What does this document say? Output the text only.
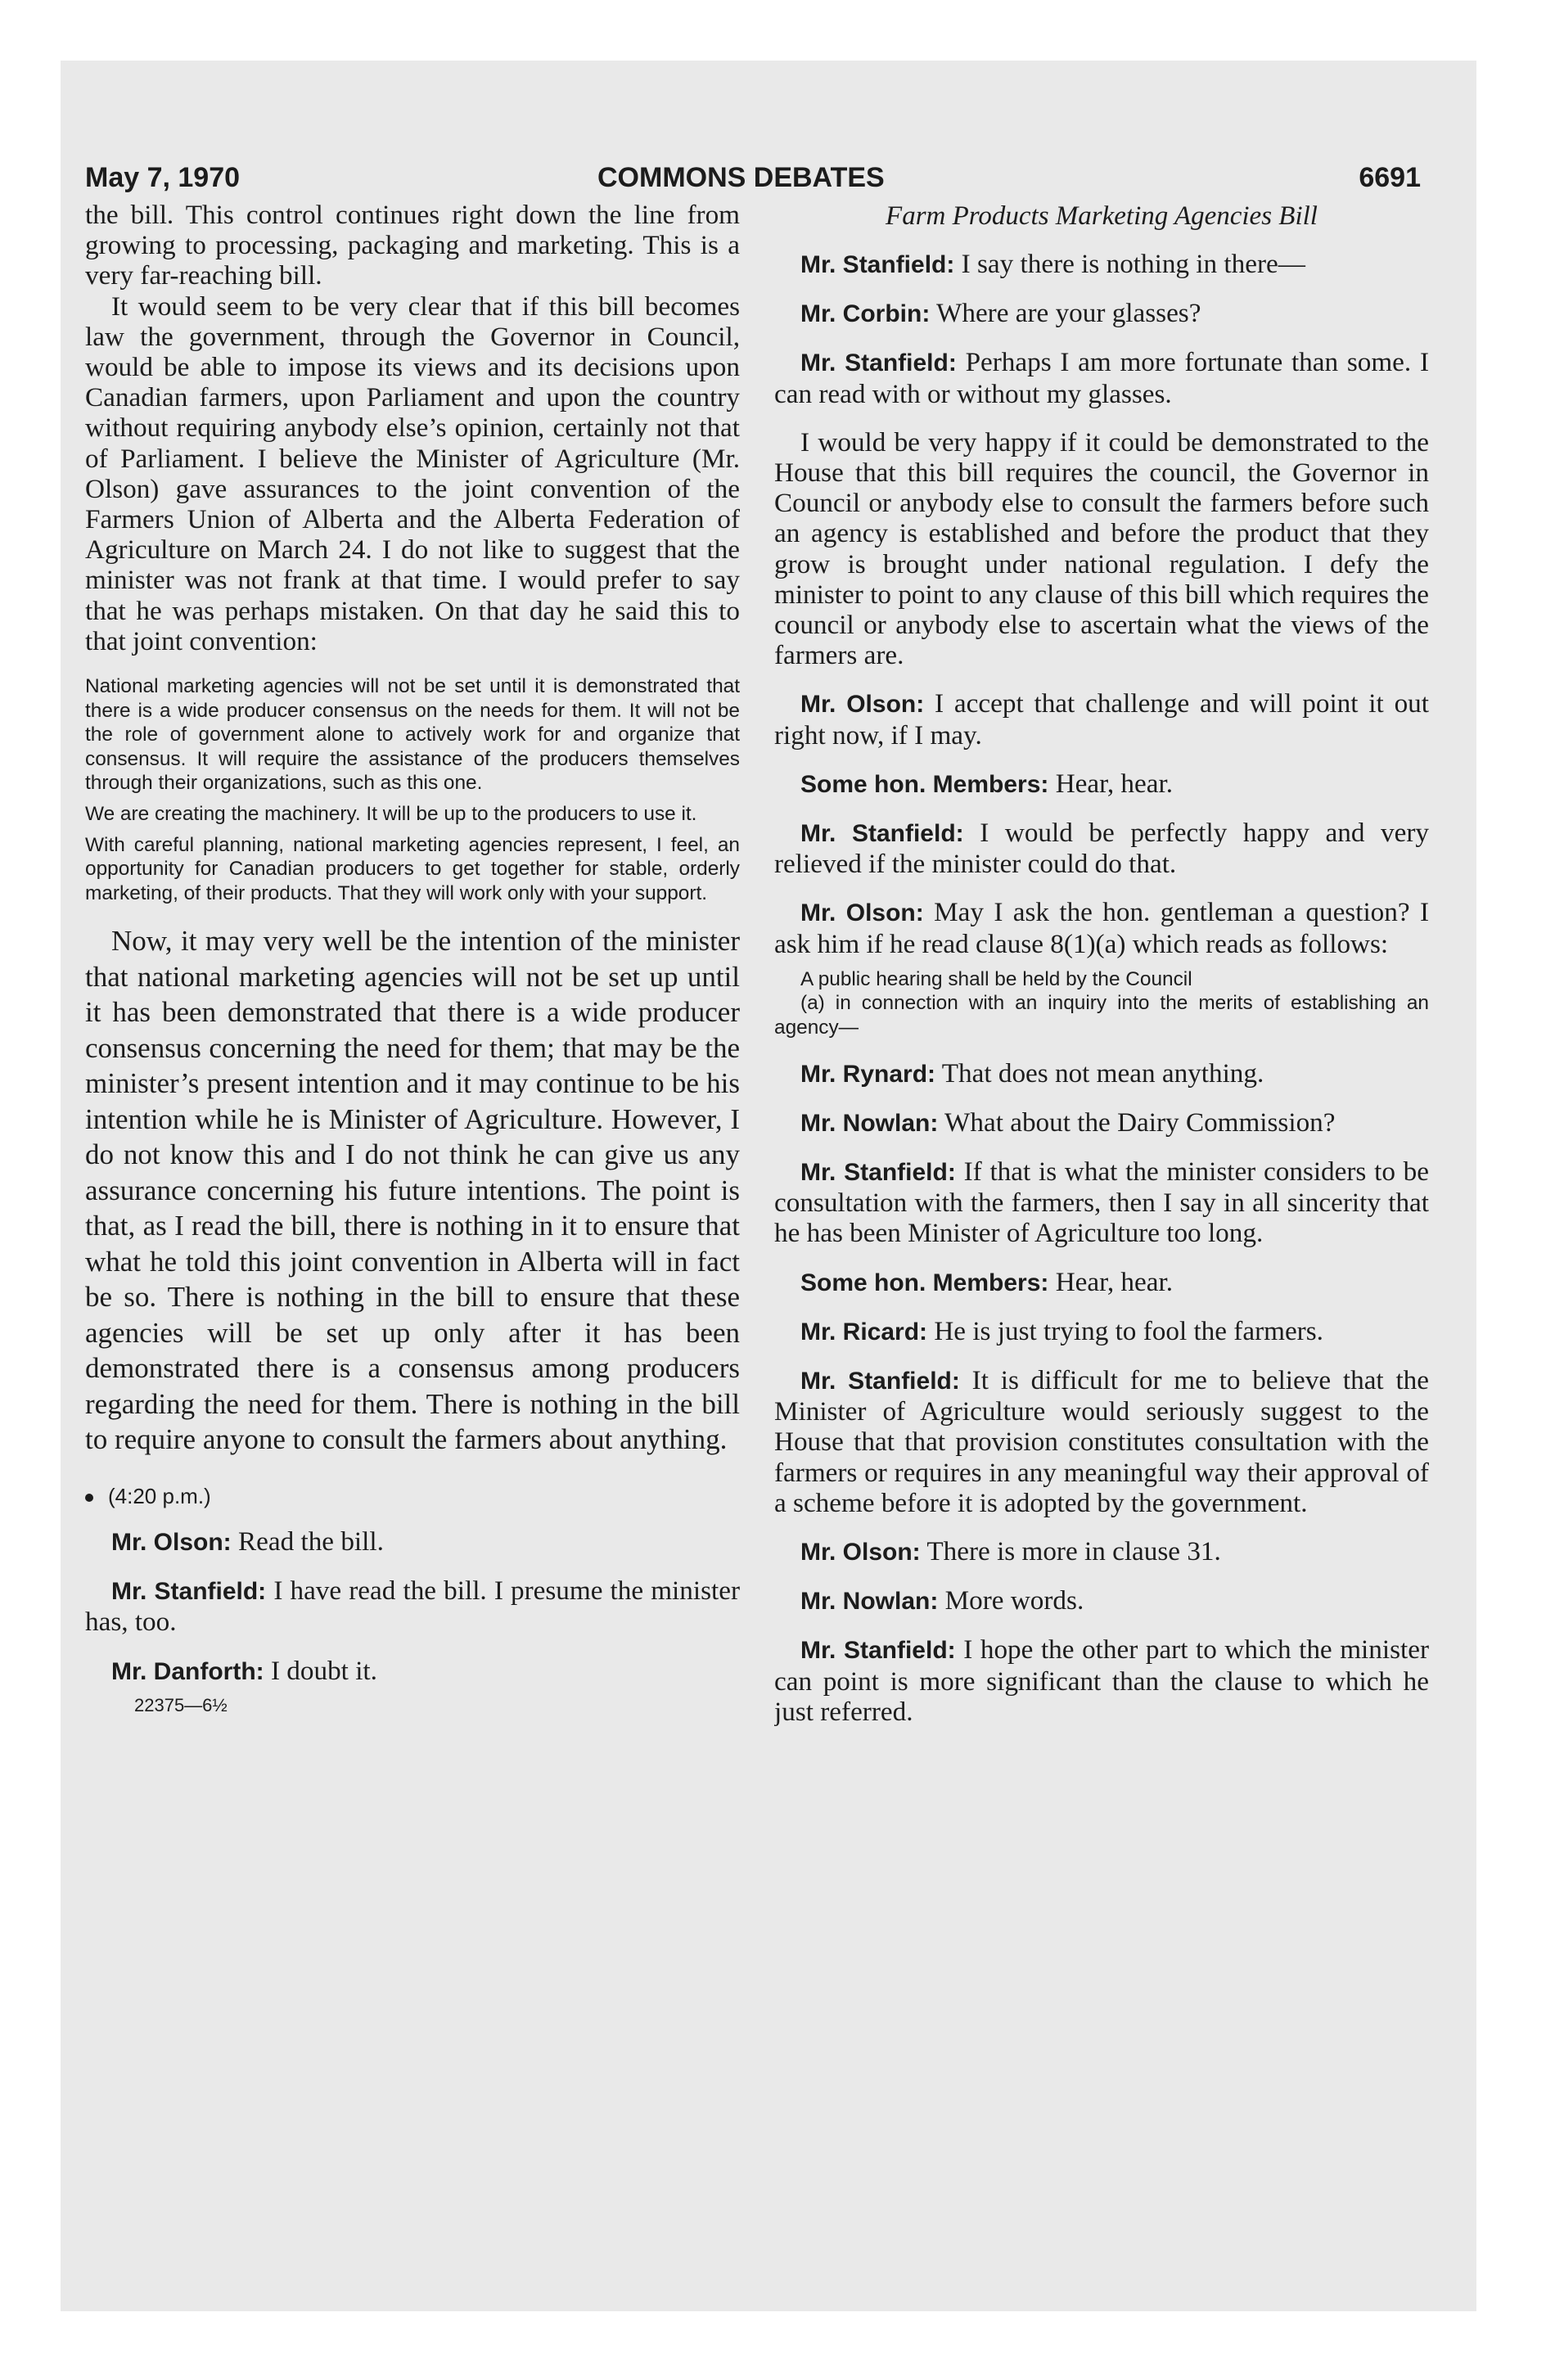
May 7, 1970	COMMONS DEBATES	6691

the bill. This control continues right down the line from growing to processing, packaging and marketing. This is a very far-reaching bill.

It would seem to be very clear that if this bill becomes law the government, through the Governor in Council, would be able to impose its views and its decisions upon Canadian farmers, upon Parliament and upon the country without requiring anybody else’s opinion, certainly not that of Parliament. I believe the Minister of Agriculture (Mr. Olson) gave assurances to the joint convention of the Farmers Union of Alberta and the Alberta Federation of Agriculture on March 24. I do not like to suggest that the minister was not frank at that time. I would prefer to say that he was perhaps mistaken. On that day he said this to that joint convention:

National marketing agencies will not be set until it is demonstrated that there is a wide producer consensus on the needs for them. It will not be the role of government alone to actively work for and organize that consensus. It will require the assistance of the producers themselves through their organizations, such as this one.

We are creating the machinery. It will be up to the producers to use it.

With careful planning, national marketing agencies represent, I feel, an opportunity for Canadian producers to get together for stable, orderly marketing, of their products. That they will work only with your support.

Now, it may very well be the intention of the minister that national marketing agencies will not be set up until it has been demonstrated that there is a wide producer consensus concerning the need for them; that may be the minister’s present intention and it may continue to be his intention while he is Minister of Agriculture. However, I do not know this and I do not think he can give us any assurance concerning his future intentions. The point is that, as I read the bill, there is nothing in it to ensure that what he told this joint convention in Alberta will in fact be so. There is nothing in the bill to ensure that these agencies will be set up only after it has been demonstrated there is a consensus among producers regarding the need for them. There is nothing in the bill to require anyone to consult the farmers about anything.

(4:20 p.m.)

Mr. Olson: Read the bill.

Mr. Stanfield: I have read the bill. I presume the minister has, too.

Mr. Danforth: I doubt it.

22375—6½
Farm Products Marketing Agencies Bill

Mr. Stanfield: I say there is nothing in there—

Mr. Corbin: Where are your glasses?

Mr. Stanfield: Perhaps I am more fortunate than some. I can read with or without my glasses.

I would be very happy if it could be demonstrated to the House that this bill requires the council, the Governor in Council or anybody else to consult the farmers before such an agency is established and before the product that they grow is brought under national regulation. I defy the minister to point to any clause of this bill which requires the council or anybody else to ascertain what the views of the farmers are.

Mr. Olson: I accept that challenge and will point it out right now, if I may.

Some hon. Members: Hear, hear.

Mr. Stanfield: I would be perfectly happy and very relieved if the minister could do that.

Mr. Olson: May I ask the hon. gentleman a question? I ask him if he read clause 8(1)(a) which reads as follows:

A public hearing shall be held by the Council

(a) in connection with an inquiry into the merits of establishing an agency—

Mr. Rynard: That does not mean anything.

Mr. Nowlan: What about the Dairy Commission?

Mr. Stanfield: If that is what the minister considers to be consultation with the farmers, then I say in all sincerity that he has been Minister of Agriculture too long.

Some hon. Members: Hear, hear.

Mr. Ricard: He is just trying to fool the farmers.

Mr. Stanfield: It is difficult for me to believe that the Minister of Agriculture would seriously suggest to the House that that provision constitutes consultation with the farmers or requires in any meaningful way their approval of a scheme before it is adopted by the government.

Mr. Olson: There is more in clause 31.

Mr. Nowlan: More words.

Mr. Stanfield: I hope the other part to which the minister can point is more significant than the clause to which he just referred.
